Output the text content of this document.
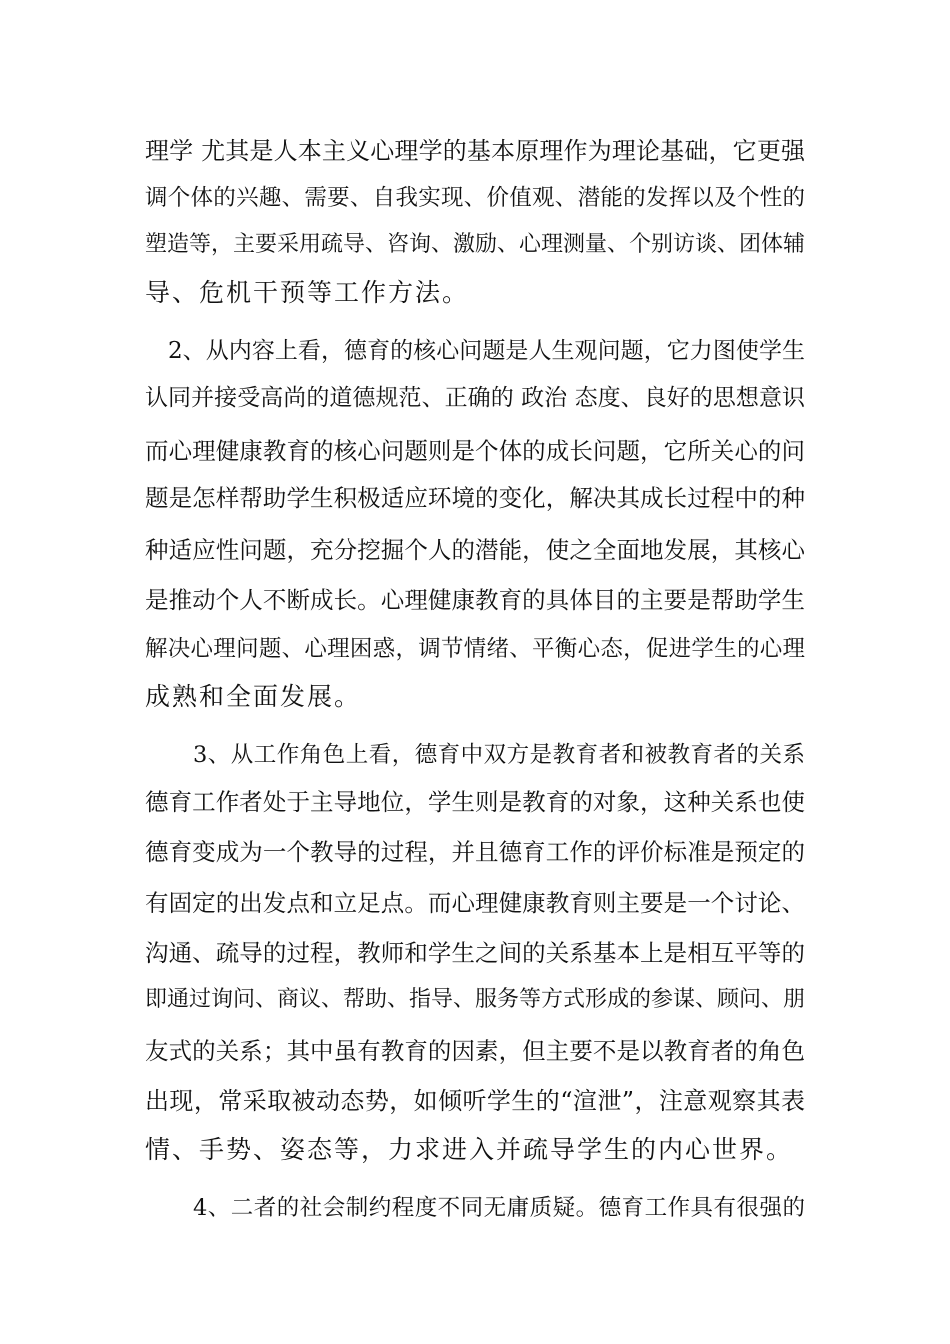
理学 尤其是人本主义心理学的基本原理作为理论基础，它更强
调个体的兴趣、需要、自我实现、价值观、潜能的发挥以及个性的
塑造等，主要采用疏导、咨询、激励、心理测量、个别访谈、团体辅
导、危机干预等工作方法。
2、从内容上看，德育的核心问题是人生观问题，它力图使学生
认同并接受高尚的道德规范、正确的 政治 态度、良好的思想意识
而心理健康教育的核心问题则是个体的成长问题，它所关心的问
题是怎样帮助学生积极适应环境的变化，解决其成长过程中的种
种适应性问题，充分挖掘个人的潜能，使之全面地发展，其核心
是推动个人不断成长。心理健康教育的具体目的主要是帮助学生
解决心理问题、心理困惑，调节情绪、平衡心态，促进学生的心理
成熟和全面发展。
3、从工作角色上看，德育中双方是教育者和被教育者的关系
德育工作者处于主导地位，学生则是教育的对象，这种关系也使
德育变成为一个教导的过程，并且德育工作的评价标准是预定的
有固定的出发点和立足点。而心理健康教育则主要是一个讨论、
沟通、疏导的过程，教师和学生之间的关系基本上是相互平等的
即通过询问、商议、帮助、指导、服务等方式形成的参谋、顾问、朋
友式的关系；其中虽有教育的因素，但主要不是以教育者的角色
出现，常采取被动态势，如倾听学生的“渲泄”，注意观察其表
情、手势、姿态等，力求进入并疏导学生的内心世界。
4、二者的社会制约程度不同无庸质疑。德育工作具有很强的
